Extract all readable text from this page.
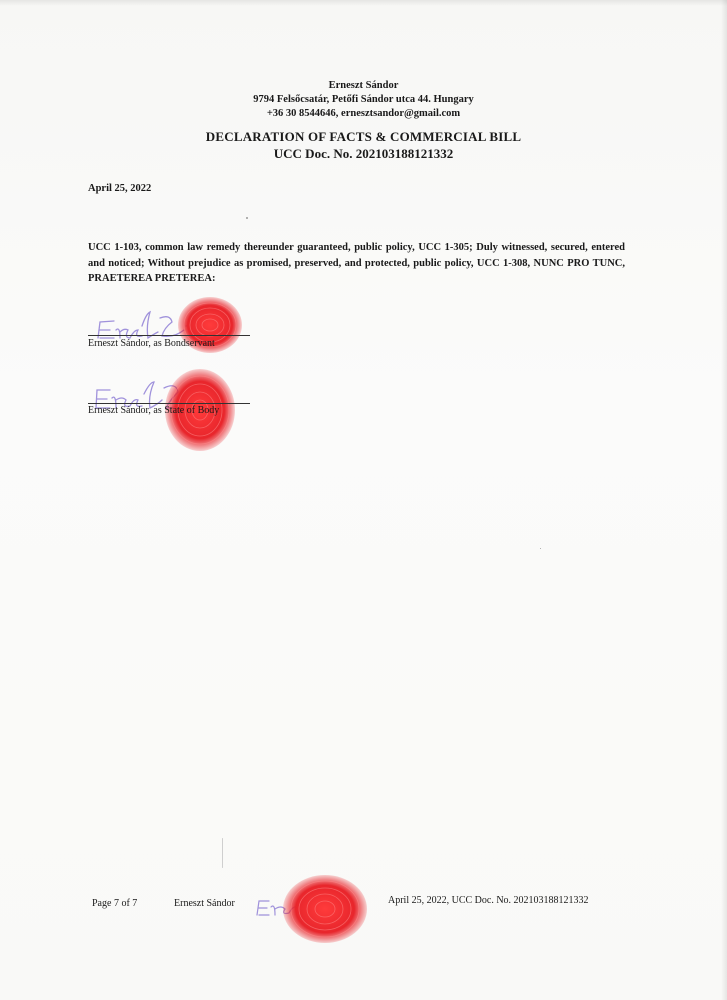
Erneszt Sándor
9794 Felsőcsatár, Petőfi Sándor utca 44. Hungary
+36 30 8544646, ernesztsandor@gmail.com
DECLARATION OF FACTS & COMMERCIAL BILL
UCC Doc. No. 202103188121332
April 25, 2022
UCC 1-103, common law remedy thereunder guaranteed, public policy, UCC 1-305; Duly witnessed, secured, entered and noticed; Without prejudice as promised, preserved, and protected, public policy, UCC 1-308, NUNC PRO TUNC, PRAETEREA PRETEREA:
Erneszt Sándor, as Bondservant
Erneszt Sándor, as State of Body
Page 7 of 7	Erneszt Sándor	April 25, 2022, UCC Doc. No. 202103188121332
